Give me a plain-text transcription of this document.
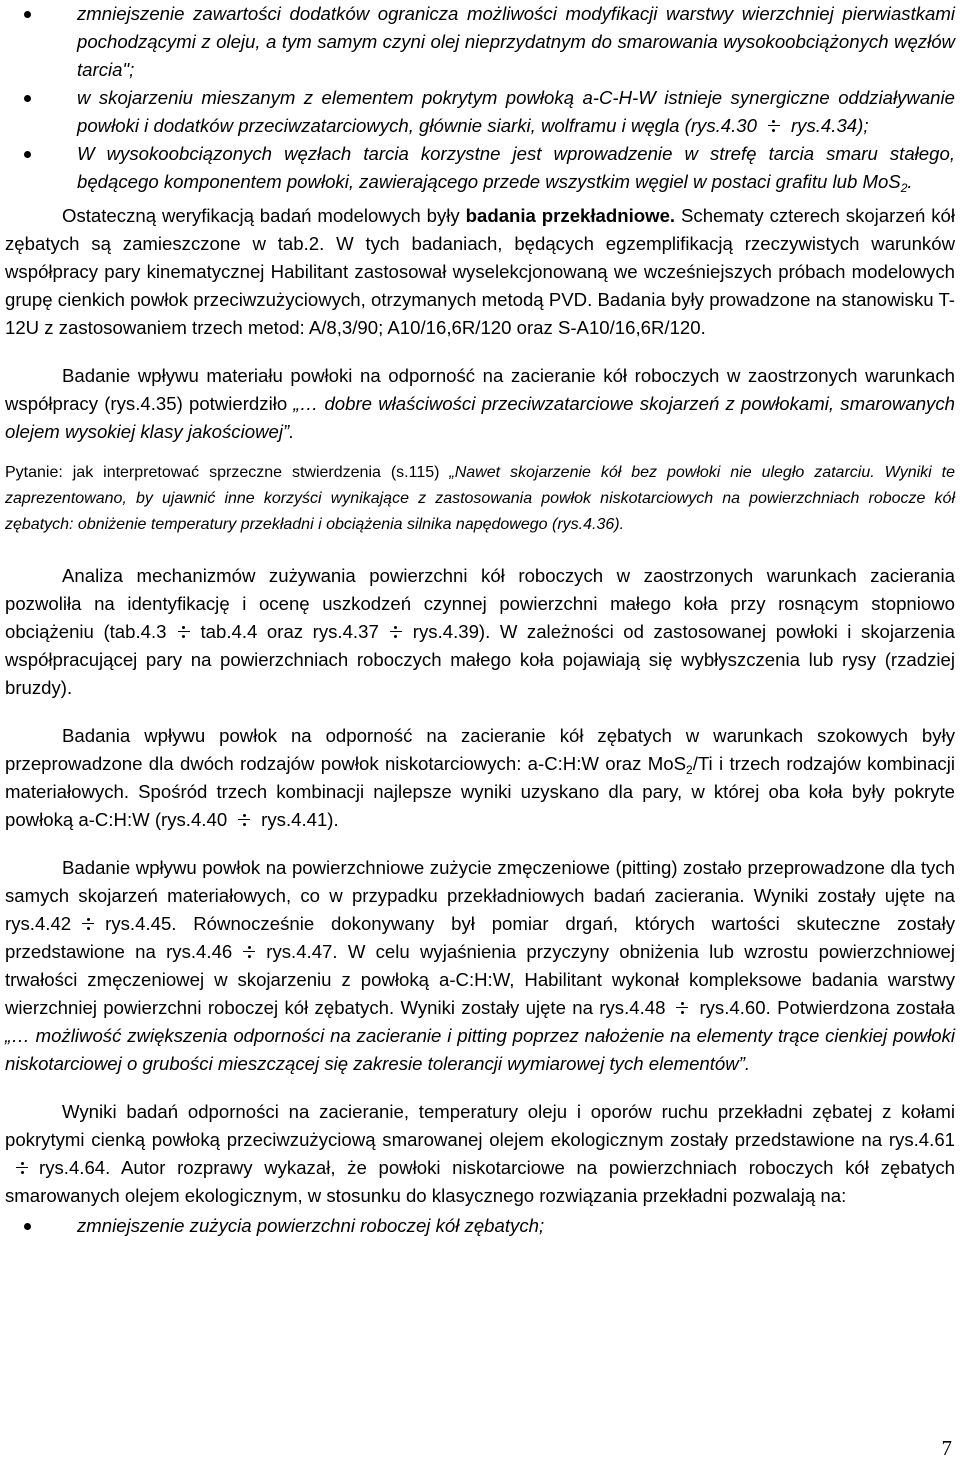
zmniejszenie zawartości dodatków ogranicza możliwości modyfikacji warstwy wierzchniej pierwiastkami pochodzącymi z oleju, a tym samym czyni olej nieprzydatnym do smarowania wysokoobciążonych węzłów tarcia";
w skojarzeniu mieszanym z elementem pokrytym powłoką a-C-H-W istnieje synergiczne oddziaływanie powłoki i dodatków przeciwzatarciowych, głównie siarki, wolframu i węgla (rys.4.30 rys.4.34);
W wysokoobciązonych węzłach tarcia korzystne jest wprowadzenie w strefę tarcia smaru stałego, będącego komponentem powłoki, zawierającego przede wszystkim węgiel w postaci grafitu lub MoS$_2$.

Ostateczną weryfikacją badań modelowych były badania przekładniowe. Schematy czterech skojarzeń kół zębatych są zamieszczone w tab.2. W tych badaniach, będących egzemplifikacją rzeczywistych warunków współpracy pary kinematycznej Habilitant zastosował wyselekcjonowaną we wcześniejszych próbach modelowych grupę cienkich powłok przeciwzużyciowych, otrzymanych metodą PVD. Badania były prowadzone na stanowisku T-12U z zastosowaniem trzech metod: A/8,3/90; A10/16,6R/120 oraz S-A10/16,6R/120.

Badanie wpływu materiału powłoki na odporność na zacieranie kół roboczych w zaostrzonych warunkach współpracy (rys.4.35) potwierdziło „… dobre właściwości przeciwzatarciowe skojarzeń z powłokami, smarowanych olejem wysokiej klasy jakościowej”.

Pytanie: jak interpretować sprzeczne stwierdzenia (s.115) „Nawet skojarzenie kół bez powłoki nie uległo zatarciu. Wyniki te zaprezentowano, by ujawnić inne korzyści wynikające z zastosowania powłok niskotarciowych na powierzchniach robocze kół zębatych: obniżenie temperatury przekładni i obciążenia silnika napędowego (rys.4.36).

Analiza mechanizmów zużywania powierzchni kół roboczych w zaostrzonych warunkach zacierania pozwoliła na identyfikację i ocenę uszkodzeń czynnej powierzchni małego koła przy rosnącym stopniowo obciążeniu (tab.4.3 tab.4.4 oraz rys.4.37 rys.4.39). W zależności od zastosowanej powłoki i skojarzenia współpracującej pary na powierzchniach roboczych małego koła pojawiają się wybłyszczenia lub rysy (rzadziej bruzdy).

Badania wpływu powłok na odporność na zacieranie kół zębatych w warunkach szokowych były przeprowadzone dla dwóch rodzajów powłok niskotarciowych: a-C:H:W oraz MoS$_2$/Ti i trzech rodzajów kombinacji materiałowych. Spośród trzech kombinacji najlepsze wyniki uzyskano dla pary, w której oba koła były pokryte powłoką a-C:H:W (rys.4.40 rys.4.41).

Badanie wpływu powłok na powierzchniowe zużycie zmęczeniowe (pitting) zostało przeprowadzone dla tych samych skojarzeń materiałowych, co w przypadku przekładniowych badań zacierania. Wyniki zostały ujęte na rys.4.42 rys.4.45. Równocześnie dokonywany był pomiar drgań, których wartości skuteczne zostały przedstawione na rys.4.46 rys.4.47. W celu wyjaśnienia przyczyny obniżenia lub wzrostu powierzchniowej trwałości zmęczeniowej w skojarzeniu z powłoką a-C:H:W, Habilitant wykonał kompleksowe badania warstwy wierzchniej powierzchni roboczej kół zębatych. Wyniki zostały ujęte na rys.4.48 rys.4.60. Potwierdzona została „… możliwość zwiększenia odporności na zacieranie i pitting poprzez nałożenie na elementy trące cienkiej powłoki niskotarciowej o grubości mieszczącej się zakresie tolerancji wymiarowej tych elementów”.

Wyniki badań odporności na zacieranie, temperatury oleju i oporów ruchu przekładni zębatej z kołami pokrytymi cienką powłoką przeciwzużyciową smarowanej olejem ekologicznym zostały przedstawione na rys.4.61
rys.4.64. Autor rozprawy wykazał, że powłoki niskotarciowe na powierzchniach roboczych kół zębatych smarowanych olejem ekologicznym, w stosunku do klasycznego rozwiązania przekładni pozwalają na:

zmniejszenie zużycia powierzchni roboczej kół zębatych;
7
